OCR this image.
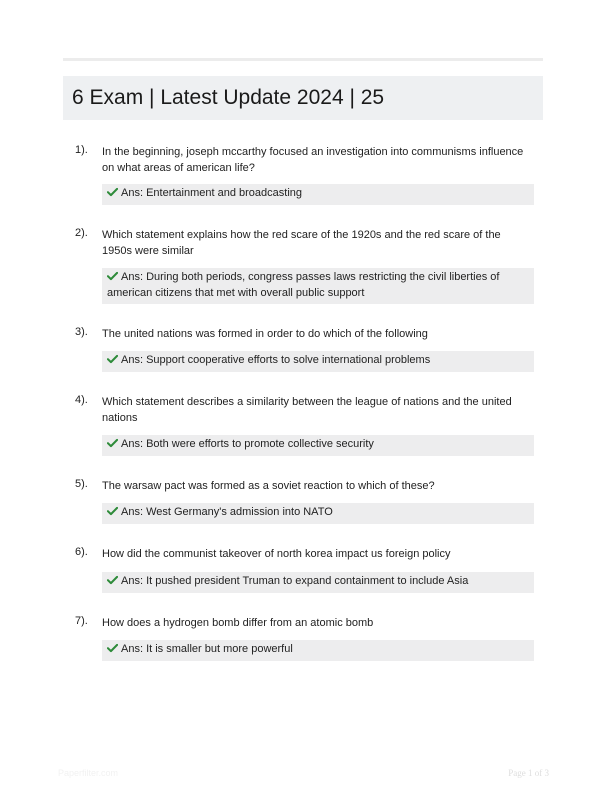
6 Exam | Latest Update 2024 | 25
1). In the beginning, joseph mccarthy focused an investigation into communisms influence on what areas of american life?
Ans: Entertainment and broadcasting
2). Which statement explains how the red scare of the 1920s and the red scare of the 1950s were similar
Ans: During both periods, congress passes laws restricting the civil liberties of american citizens that met with overall public support
3). The united nations was formed in order to do which of the following
Ans: Support cooperative efforts to solve international problems
4). Which statement describes a similarity between the league of nations and the united nations
Ans: Both were efforts to promote collective security
5). The warsaw pact was formed as a soviet reaction to which of these?
Ans: West Germany's admission into NATO
6). How did the communist takeover of north korea impact us foreign policy
Ans: It pushed president Truman to expand containment to include Asia
7). How does a hydrogen bomb differ from an atomic bomb
Ans: It is smaller but more powerful
Paperfilter.com	Page 1 of 3
